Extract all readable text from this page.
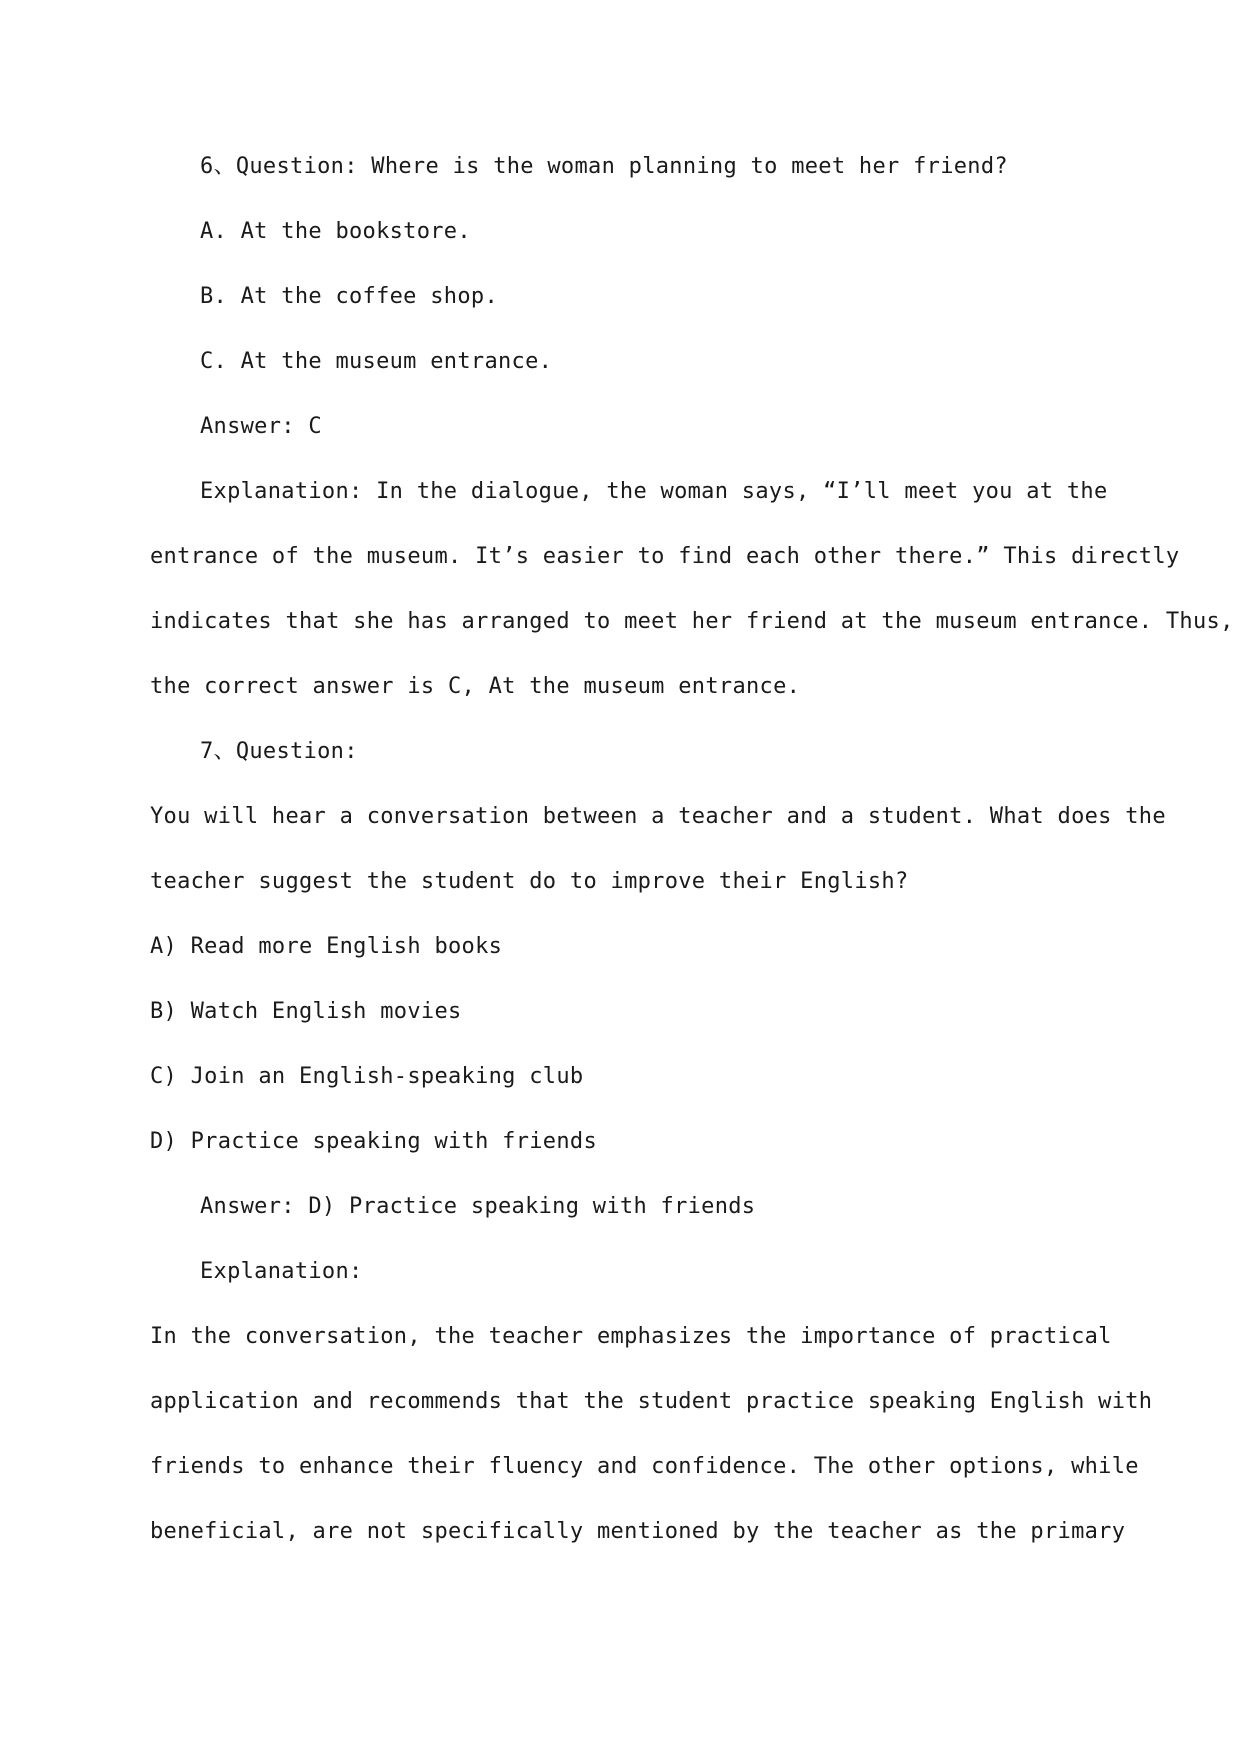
6、Question: Where is the woman planning to meet her friend?
A. At the bookstore.
B. At the coffee shop.
C. At the museum entrance.
Answer: C
Explanation: In the dialogue, the woman says, “I’ll meet you at the
entrance of the museum. It’s easier to find each other there.” This directly
indicates that she has arranged to meet her friend at the museum entrance. Thus,
the correct answer is C, At the museum entrance.
7、Question:
You will hear a conversation between a teacher and a student. What does the
teacher suggest the student do to improve their English?
A) Read more English books
B) Watch English movies
C) Join an English-speaking club
D) Practice speaking with friends
Answer: D) Practice speaking with friends
Explanation:
In the conversation, the teacher emphasizes the importance of practical
application and recommends that the student practice speaking English with
friends to enhance their fluency and confidence. The other options, while
beneficial, are not specifically mentioned by the teacher as the primary
